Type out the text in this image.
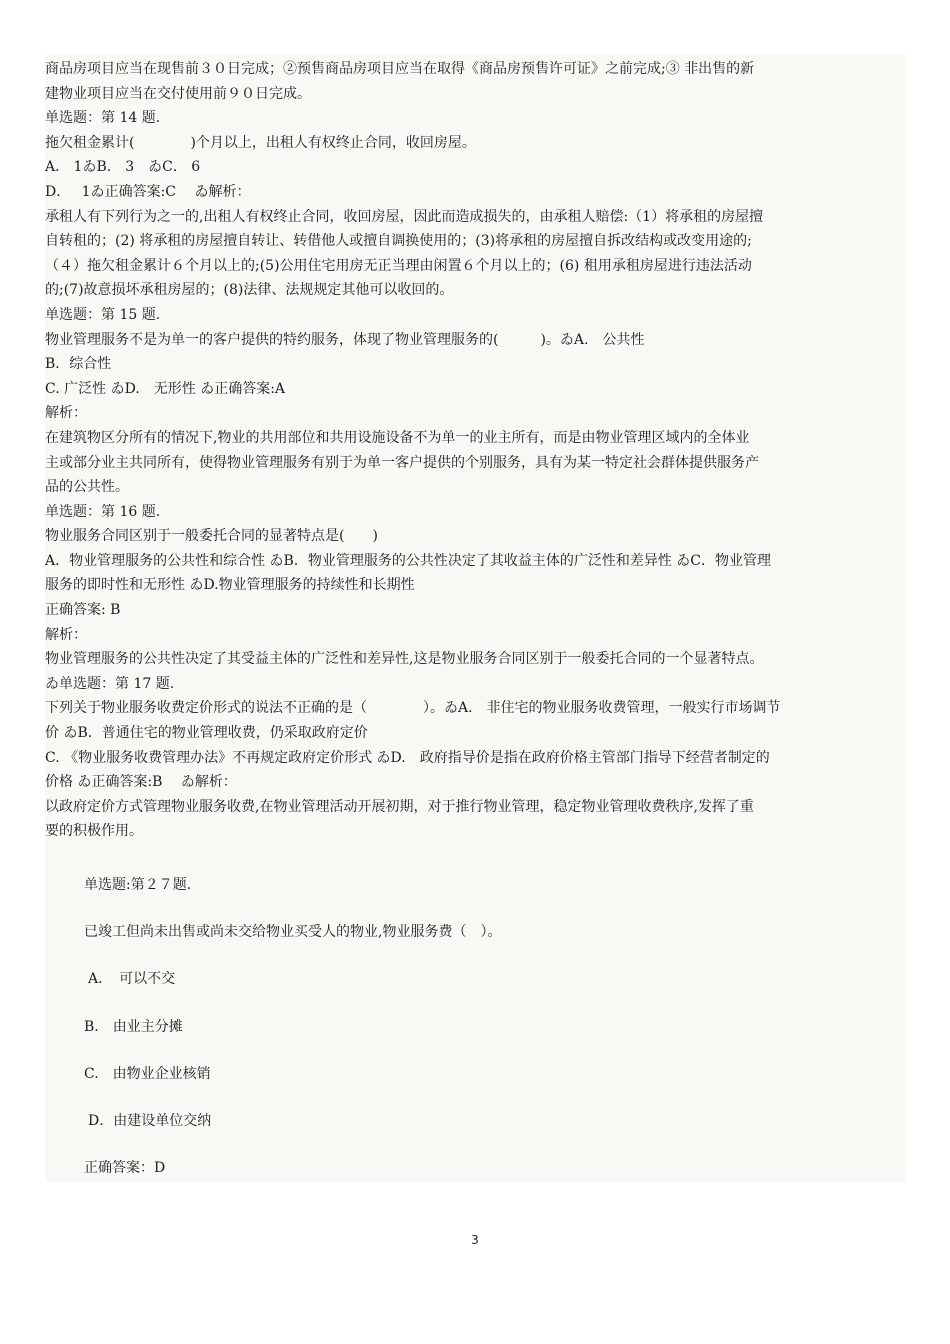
商品房项目应当在现售前３０日完成；②预售商品房项目应当在取得《商品房预售许可证》之前完成;③ 非出售的新
建物业项目应当在交付使用前９０日完成。
单选题：第 14 题.
拖欠租金累计(　　　　)个月以上，出租人有权终止合同，收回房屋。
A． 1ゐB.　3　ゐC． 6
D．　 1ゐ正确答案:C　 ゐ解析：
承租人有下列行为之一的,出租人有权终止合同，收回房屋，因此而造成损失的，由承租人赔偿:（1）将承租的房屋擅
自转租的；(2) 将承租的房屋擅自转让、转借他人或擅自调换使用的；(3)将承租的房屋擅自拆改结构或改变用途的;
（４）拖欠租金累计６个月以上的;(5)公用住宅用房无正当理由闲置６个月以上的；(6) 租用承租房屋进行违法活动
的;(7)故意损坏承租房屋的；(8)法律、法规规定其他可以收回的。
单选题：第 15 题.
物业管理服务不是为单一的客户提供的特约服务，体现了物业管理服务的(　　　)。ゐA.　公共性
B．综合性
C. 广泛性 ゐD.　无形性 ゐ正确答案:A
解析：
在建筑物区分所有的情况下,物业的共用部位和共用设施设备不为单一的业主所有，而是由物业管理区域内的全体业
主或部分业主共同所有，使得物业管理服务有别于为单一客户提供的个别服务，具有为某一特定社会群体提供服务产
品的公共性。
单选题：第 16 题.
物业服务合同区别于一般委托合同的显著特点是(　　)
A．物业管理服务的公共性和综合性 ゐB．物业管理服务的公共性决定了其收益主体的广泛性和差异性 ゐC．物业管理
服务的即时性和无形性 ゐD.物业管理服务的持续性和长期性
正确答案: B
解析：
物业管理服务的公共性决定了其受益主体的广泛性和差异性,这是物业服务合同区别于一般委托合同的一个显著特点。
ゐ单选题：第 17 题.
下列关于物业服务收费定价形式的说法不正确的是（　　　　）。ゐA.　非住宅的物业服务收费管理，一般实行市场调节
价 ゐB．普通住宅的物业管理收费，仍采取政府定价
C. 《物业服务收费管理办法》不再规定政府定价形式 ゐD.　政府指导价是指在政府价格主管部门指导下经营者制定的
价格 ゐ正确答案:B　 ゐ解析：
以政府定价方式管理物业服务收费,在物业管理活动开展初期，对于推行物业管理，稳定物业管理收费秩序,发挥了重
要的积极作用。
单选题:第２７题.
已竣工但尚未出售或尚未交给物业买受人的物业,物业服务费（　）。
A．　可以不交
B.　由业主分摊
C.　由物业企业核销
D．由建设单位交纳
正确答案：D
3
